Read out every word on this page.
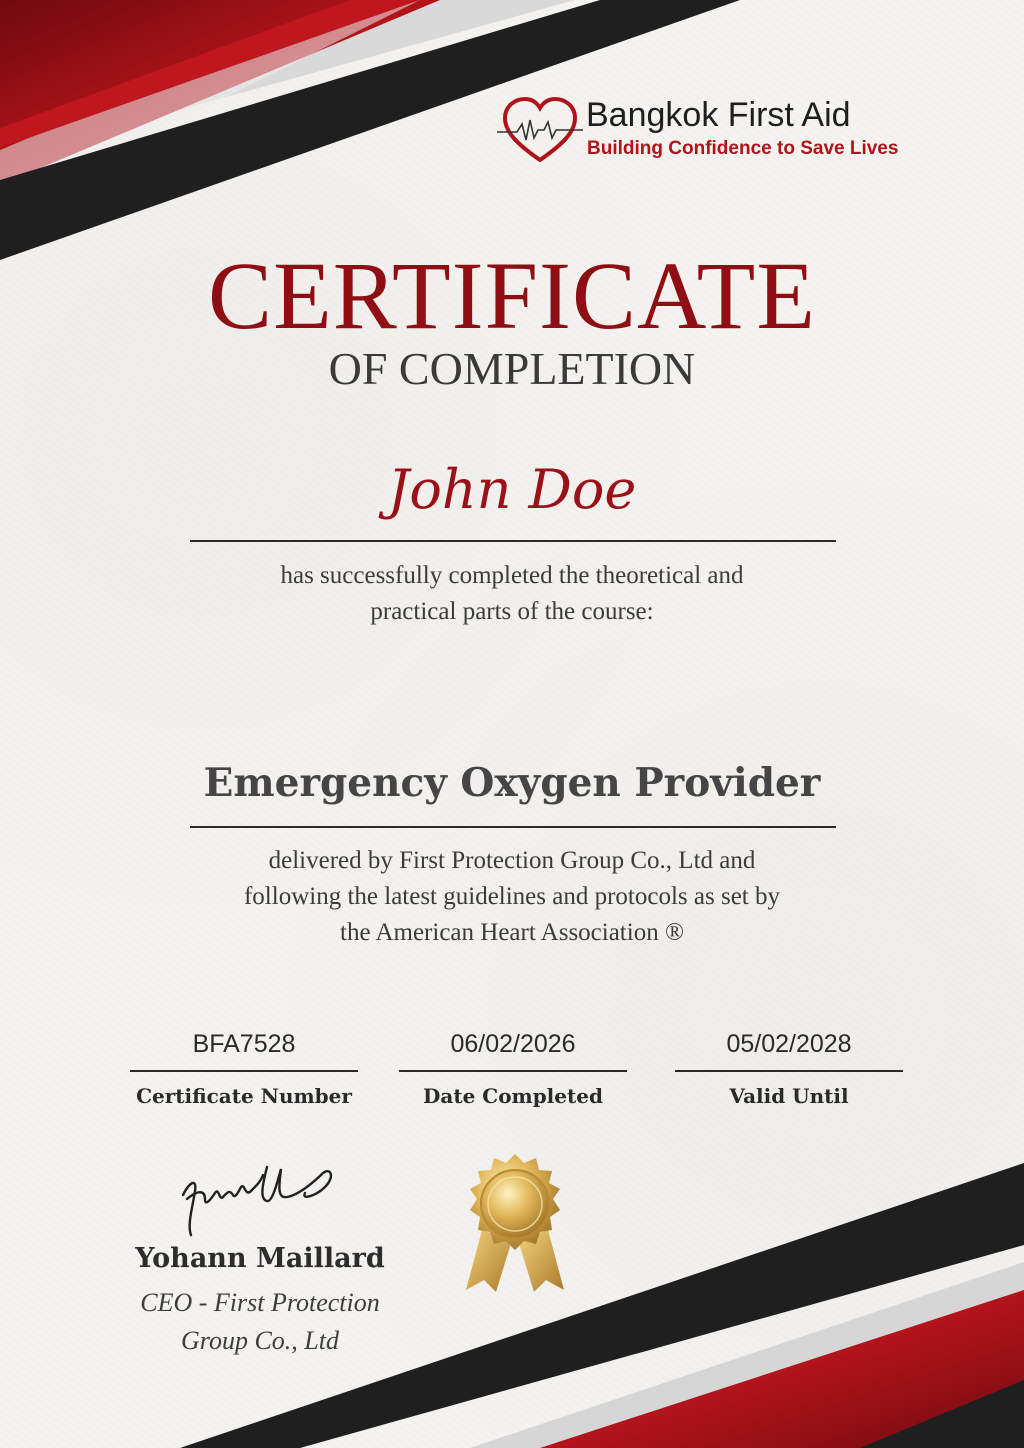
Bangkok First Aid
Building Confidence to Save Lives
CERTIFICATE
OF COMPLETION
John Doe
has successfully completed the theoretical and
practical parts of the course:
Emergency Oxygen Provider
delivered by First Protection Group Co., Ltd and
following the latest guidelines and protocols as set by
the American Heart Association ®
BFA7528
Certificate Number
06/02/2026
Date Completed
05/02/2028
Valid Until
Yohann Maillard
CEO - First Protection
Group Co., Ltd
